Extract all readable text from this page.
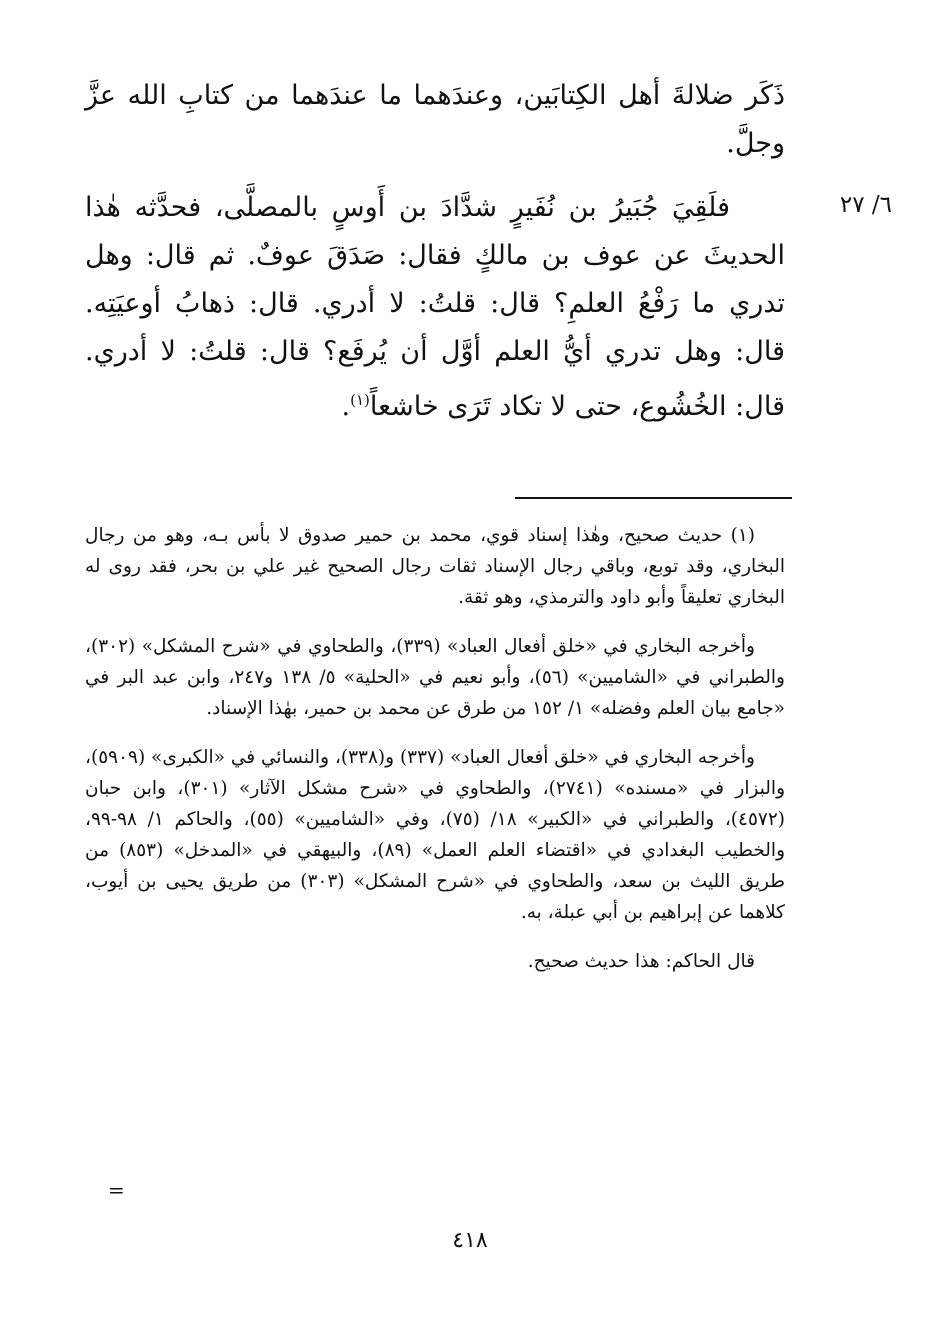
ذَكَر ضلالةَ أهل الكِتابَين، وعندَهما ما عندَهما من كتابِ الله عزَّ وجلَّ.

٦/ ٢٧

فلَقِيَ جُبَيرُ بن نُفَيرٍ شدَّادَ بن أَوسٍ بالمصلَّى، فحدَّثه هٰذا الحديثَ عن عوف بن مالكٍ فقال: صَدَقَ عوفٌ. ثم قال: وهل تدري ما رَفْعُ العلمِ؟ قال: قلتُ: لا أدري. قال: ذهابُ أوعيَتِه. قال: وهل تدري أيُّ العلم أوَّل أن يُرفَع؟ قال: قلتُ: لا أدري. قال: الخُشُوع، حتى لا تكاد تَرَى خاشعاً$^{(١)}$.

(١) حديث صحيح، وهٰذا إسناد قوي، محمد بن حمير صدوق لا بأس بـه، وهو من رجال البخاري، وقد توبع، وباقي رجال الإسناد ثقات رجال الصحيح غير علي بن بحر، فقد روى له البخاري تعليقاً وأبو داود والترمذي، وهو ثقة.

وأخرجه البخاري في «خلق أفعال العباد» (٣٣٩)، والطحاوي في «شرح المشكل» (٣٠٢)، والطبراني في «الشاميين» (٥٦)، وأبو نعيم في «الحلية» ٥/ ١٣٨ و٢٤٧، وابن عبد البر في «جامع بيان العلم وفضله» ١/ ١٥٢ من طرق عن محمد بن حمير، بهٰذا الإسناد.

وأخرجه البخاري في «خلق أفعال العباد» (٣٣٧) و(٣٣٨)، والنسائي في «الكبرى» (٥٩٠٩)، والبزار في «مسنده» (٢٧٤١)، والطحاوي في «شرح مشكل الآثار» (٣٠١)، وابن حبان (٤٥٧٢)، والطبراني في «الكبير» ١٨/ (٧٥)، وفي «الشاميين» (٥٥)، والحاكم ١/ ٩٨-٩٩، والخطيب البغدادي في «اقتضاء العلم العمل» (٨٩)، والبيهقي في «المدخل» (٨٥٣) من طريق الليث بن سعد، والطحاوي في «شرح المشكل» (٣٠٣) من طريق يحيى بن أيوب، كلاهما عن إبراهيم بن أبي عبلة، به.

قال الحاكم: هذا حديث صحيح.

=
٤١٨
